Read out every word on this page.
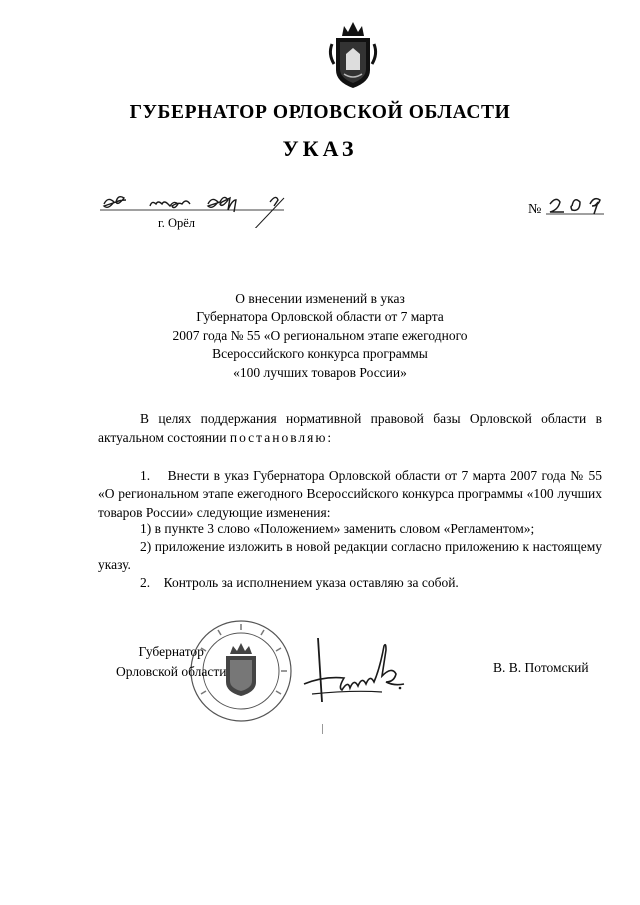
ГУБЕРНАТОР ОРЛОВСКОЙ ОБЛАСТИ
УКАЗ
г. Орёл
№
О внесении изменений в указ
Губернатора Орловской области от 7 марта
2007 года № 55 «О региональном этапе ежегодного
Всероссийского конкурса программы
«100 лучших товаров России»
В целях поддержания нормативной правовой базы Орловской области в актуальном состоянии постановляю:
1.    Внести в указ Губернатора Орловской области от 7 марта 2007 года № 55 «О региональном этапе ежегодного Всероссийского конкурса программы «100 лучших товаров России» следующие изменения:
1) в пункте 3 слово «Положением» заменить словом «Регламентом»;
2) приложение изложить в новой редакции согласно приложению к настоящему указу.
2.    Контроль за исполнением указа оставляю за собой.
Губернатор
Орловской области	В. В. Потомский
